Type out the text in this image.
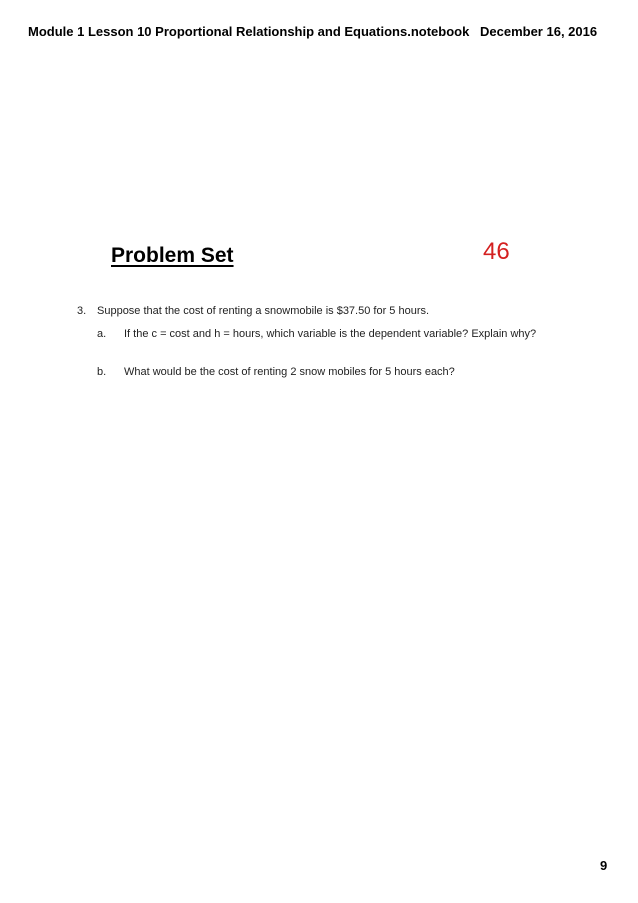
Module 1 Lesson 10 Proportional Relationship and Equations.notebook December 16, 2016
Problem Set	46
3. Suppose that the cost of renting a snowmobile is $37.50 for 5 hours.
a. If the c = cost and h = hours, which variable is the dependent variable? Explain why?
b. What would be the cost of renting 2 snow mobiles for 5 hours each?
9
